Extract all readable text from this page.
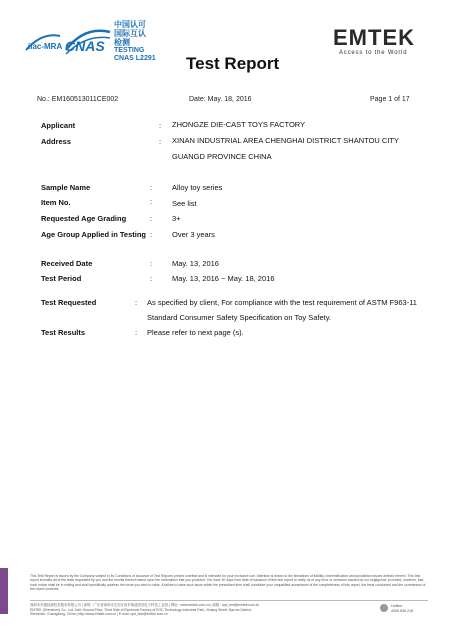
ilac-MRA CNAS
中国认可 国际互认 检测
TESTING
CNAS L2291
EMTEK
Access to the World
Test Report
No.: EM160513011CE002	Date: May. 18, 2016	Page 1 of 17
Applicant	: ZHONGZE DIE-CAST TOYS FACTORY
Address	: XINAN INDUSTRIAL AREA CHENGHAI DISTRICT SHANTOU CITY
GUANGD PROVINCE CHINA
Sample Name	:	Alloy toy series
Item No.	:	See list
Requested Age Grading	:	3+
Age Group Applied in Testing :	Over 3 years
Received Date	:	May. 13, 2016
Test Period	:	May. 13, 2016 ~ May. 18, 2016
Test Requested	: As specified by client, For compliance with the test requirement of ASTM F963-11
Standard Consumer Safety Specification on Toy Safety.
Test Results	: Please refer to next page (s).
This Test Report is issued by the Company subject to its Conditions of issuance of Test Reports printed overleaf and is intended for your exclusive use. Attention is drawn to the limitations of liability, indemnification and jurisdiction issues defined therein. This test report includes all of the tests requested by you and the results thereof based upon the information that you provided. You have 30 days from date of issuance of this test report to notify us of any error or omission caused by our negligence; provided, however, that such notice shall be in writing and shall specifically address the issue you wish to raise. A failure to raise such issue within the prescribed time shall constitute your unqualified acceptance of the completeness of this report, the tests conducted and the correctness of the report contents.
深圳市华通检测技术服务有限公司 | 深圳 · 广东省深圳市宝安区西乡街道固戍电子科技工业园 | 网址 : www.emtek.com.cn | 邮箱 : cpd_test@emtek.com.cn
EMTEK (Shenzhen) Co., Ltd. Add: Ground Floor, Third Side of Electronic Factory of EOC Technology Industrial Park, Xixiang Street, Bao'an District,
Shenzhen, Guangdong, China | http://www.emtek.com.cn | E-mail: cpd_test@emtek.com.cn
Hotline
4008 838 218
